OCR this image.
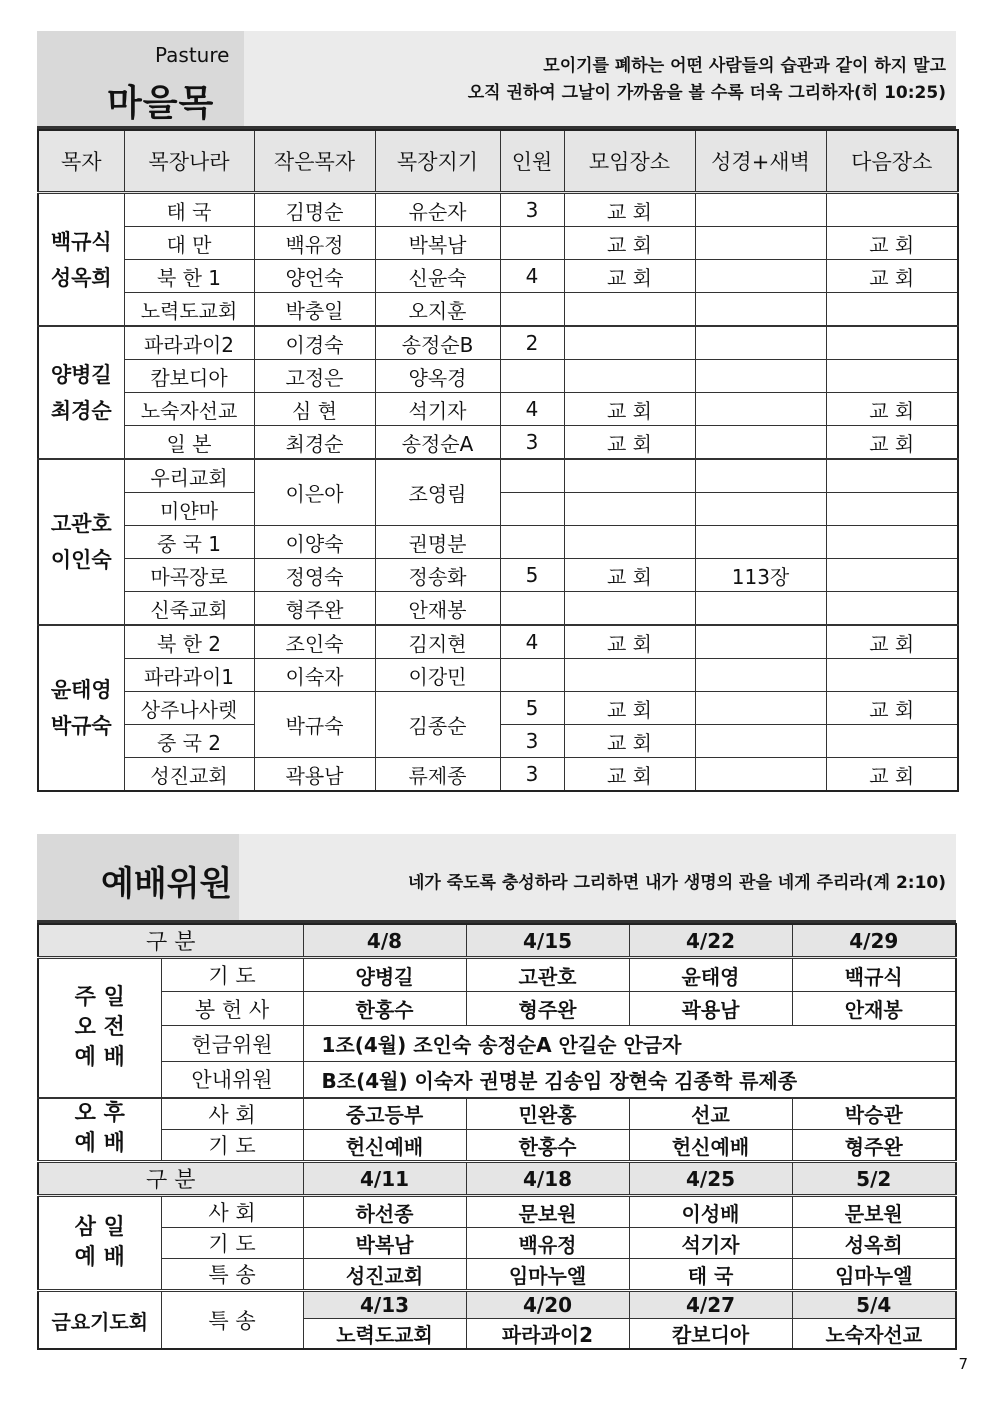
Pasture
마을목
모이기를 폐하는 어떤 사람들의 습관과 같이 하지 말고
오직 권하여 그날이 가까움을 볼 수록 더욱 그리하자(히 10:25)
목자	목장나라	작은목자	목장지기	인원	모임장소	성경+새벽	다음장소

백규식
성옥희	태 국	김명순	유순자	3	교 회		
	대 만	백유정	박복남		교 회		교 회
	북 한 1	양언숙	신윤숙	4	교 회		교 회
	노력도교회	박충일	오지훈				

양병길
최경순	파라과이2	이경숙	송정순B	2			
	캄보디아	고정은	양옥경				
	노숙자선교	심 현	석기자	4	교 회		교 회
	일 본	최경순	송정순A	3	교 회		교 회

고관호
이인숙	우리교회	이은아	조영림				
	미얀마						
	중 국 1	이양숙	권명분				
	마곡장로	정영숙	정송화	5	교 회	113장	
	신죽교회	형주완	안재봉				

윤태영
박규숙	북 한 2	조인숙	김지현	4	교 회		교 회
	파라과이1	이숙자	이강민				
	상주나사렛	박규숙	김종순	5	교 회		교 회
	중 국 2			3	교 회		
	성진교회	곽용남	류제종	3	교 회		교 회
예배위원	네가 죽도록 충성하라 그리하면 내가 생명의 관을 네게 주리라(계 2:10)
구 분		4/8	4/15	4/22	4/29

주 일
오 전
예 배	기 도	양병길	고관호	윤태영	백규식
	봉 헌 사	한홍수	형주완	곽용남	안재봉
	헌금위원	1조(4월) 조인숙 송정순A 안길순 안금자			
	안내위원	B조(4월) 이숙자 권명분 김송임 장현숙 김종학 류제종			

오 후
예 배	사 회	중고등부	민완홍	선교	박승관
	기 도	헌신예배	한홍수	헌신예배	형주완
구 분		4/11	4/18	4/25	5/2

삼 일
예 배	사 회	하선종	문보원	이성배	문보원
	기 도	박복남	백유정	석기자	성옥희
	특 송	성진교회	임마누엘	태 국	임마누엘
금요기도회	특 송	4/13	4/20	4/27	5/4
		노력도교회	파라과이2	캄보디아	노숙자선교
7
